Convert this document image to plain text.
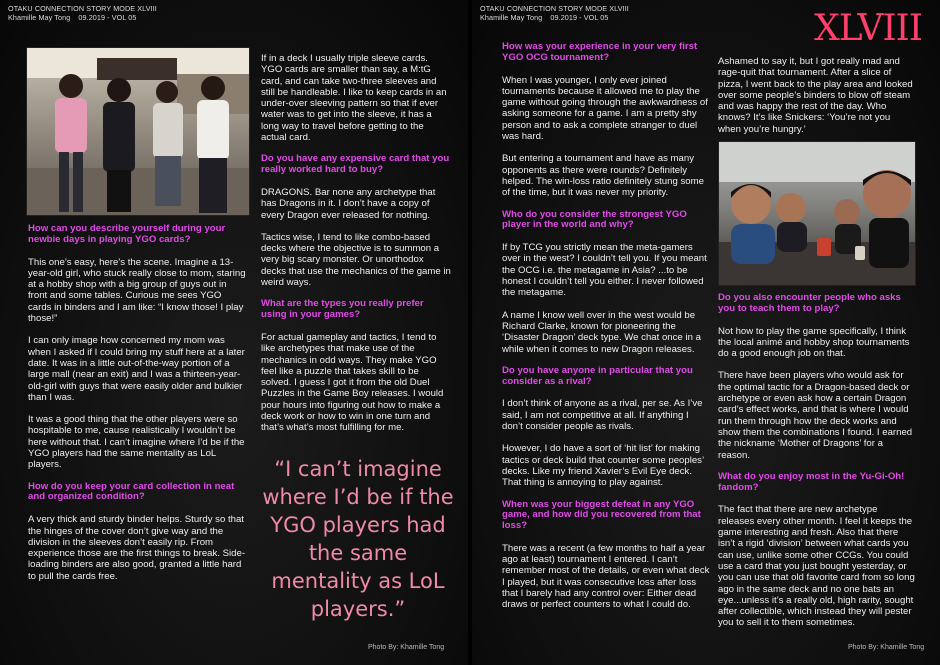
OTAKU CONNECTION STORY MODE XLVIII
Khamille May Tong 09.2019 - VOL 05

How can you describe yourself during your newbie days in playing YGO cards?

This one’s easy, here’s the scene. Imagine a 13-year-old girl, who stuck really close to mom, staring at a hobby shop with a big group of guys out in front and some tables. Curious me sees YGO cards in binders and I am like: “I know those! I play those!”

I can only image how concerned my mom was when I asked if I could bring my stuff here at a later date. It was in a little out-of-the-way portion of a large mall (near an exit) and I was a thirteen-year-old-girl with guys that were easily older and bulkier than I was.

It was a good thing that the other players were so hospitable to me, cause realistically I wouldn’t be here without that. I can’t imagine where I’d be if the YGO players had the same mentality as LoL players.

How do you keep your card collection in neat and organized condition?

A very thick and sturdy binder helps. Sturdy so that the hinges of the cover don’t give way and the division in the sleeves don’t easily rip. From experience those are the first things to break. Side-loading binders are also good, granted a little hard to pull the cards free.

If in a deck I usually triple sleeve cards. YGO cards are smaller than say, a M:tG card, and can take two-three sleeves and still be handleable. I like to keep cards in an under-over sleeving pattern so that if ever water was to get into the sleeve, it has a long way to travel before getting to the actual card.

Do you have any expensive card that you really worked hard to buy?

DRAGONS. Bar none any archetype that has Dragons in it. I don’t have a copy of every Dragon ever released for nothing.

Tactics wise, I tend to like combo-based decks where the objective is to summon a very big scary monster. Or unorthodox decks that use the mechanics of the game in weird ways.

What are the types you really prefer using in your games?

For actual gameplay and tactics, I tend to like archetypes that make use of the mechanics in odd ways. They make YGO feel like a puzzle that takes skill to be solved. I guess I got it from the old Duel Puzzles in the Game Boy releases. I would pour hours into figuring out how to make a deck work or how to win in one turn and that’s what’s most fulfilling for me.

“I can’t imagine where I’d be if the YGO players had the same mentality as LoL players.”
Photo By: Khamille Tong
OTAKU CONNECTION STORY MODE XLVIII
Khamille May Tong 09.2019 - VOL 05	XLVIII

How was your experience in your very first YGO OCG tournament?

When I was younger, I only ever joined tournaments because it allowed me to play the game without going through the awkwardness of asking someone for a game. I am a pretty shy person and to ask a complete stranger to duel was hard.

But entering a tournament and have as many opponents as there were rounds? Definitely helped. The win-loss ratio definitely stung some of the time, but it was never my priority.

Who do you consider the strongest YGO player in the world and why?

If by TCG you strictly mean the meta-gamers over in the west? I couldn’t tell you. If you meant the OCG i.e. the metagame in Asia? ...to be honest I couldn’t tell you either. I never followed the metagame.

A name I know well over in the west would be Richard Clarke, known for pioneering the ‘Disaster Dragon’ deck type. We chat once in a while when it comes to new Dragon releases.

Do you have anyone in particular that you consider as a rival?

I don’t think of anyone as a rival, per se. As I’ve said, I am not competitive at all. If anything I don’t consider people as rivals.

However, I do have a sort of ‘hit list’ for making tactics or deck build that counter some peoples’ decks. Like my friend Xavier’s Evil Eye deck. That thing is annoying to play against.

When was your biggest defeat in any YGO game, and how did you recovered from that loss?

There was a recent (a few months to half a year ago at least) tournament I entered. I can’t remember most of the details, or even what deck I played, but it was consecutive loss after loss that I barely had any control over: Either dead draws or perfect counters to what I could do.

Ashamed to say it, but I got really mad and rage-quit that tournament. After a slice of pizza, I went back to the play area and looked over some people’s binders to blow off steam and was happy the rest of the day. Who knows? It’s like Snickers: ‘You’re not you when you’re hungry.’

Do you also encounter people who asks you to teach them to play?

Not how to play the game specifically, I think the local animé and hobby shop tournaments do a good enough job on that.

There have been players who would ask for the optimal tactic for a Dragon-based deck or archetype or even ask how a certain Dragon card’s effect works, and that is where I would run them through how the deck works and show them the combinations I found. I earned the nickname ‘Mother of Dragons’ for a reason.

What do you enjoy most in the Yu-Gi-Oh! fandom?

The fact that there are new archetype releases every other month. I feel it keeps the game interesting and fresh. Also that there isn’t a rigid ‘division’ between what cards you can use, unlike some other CCGs. You could use a card that you just bought yesterday, or you can use that old favorite card from so long ago in the same deck and no one bats an eye...unless it’s a really old, high rarity, sought after collectible, which instead they will pester you to sell it to them sometimes.

Photo By: Khamille Tong
